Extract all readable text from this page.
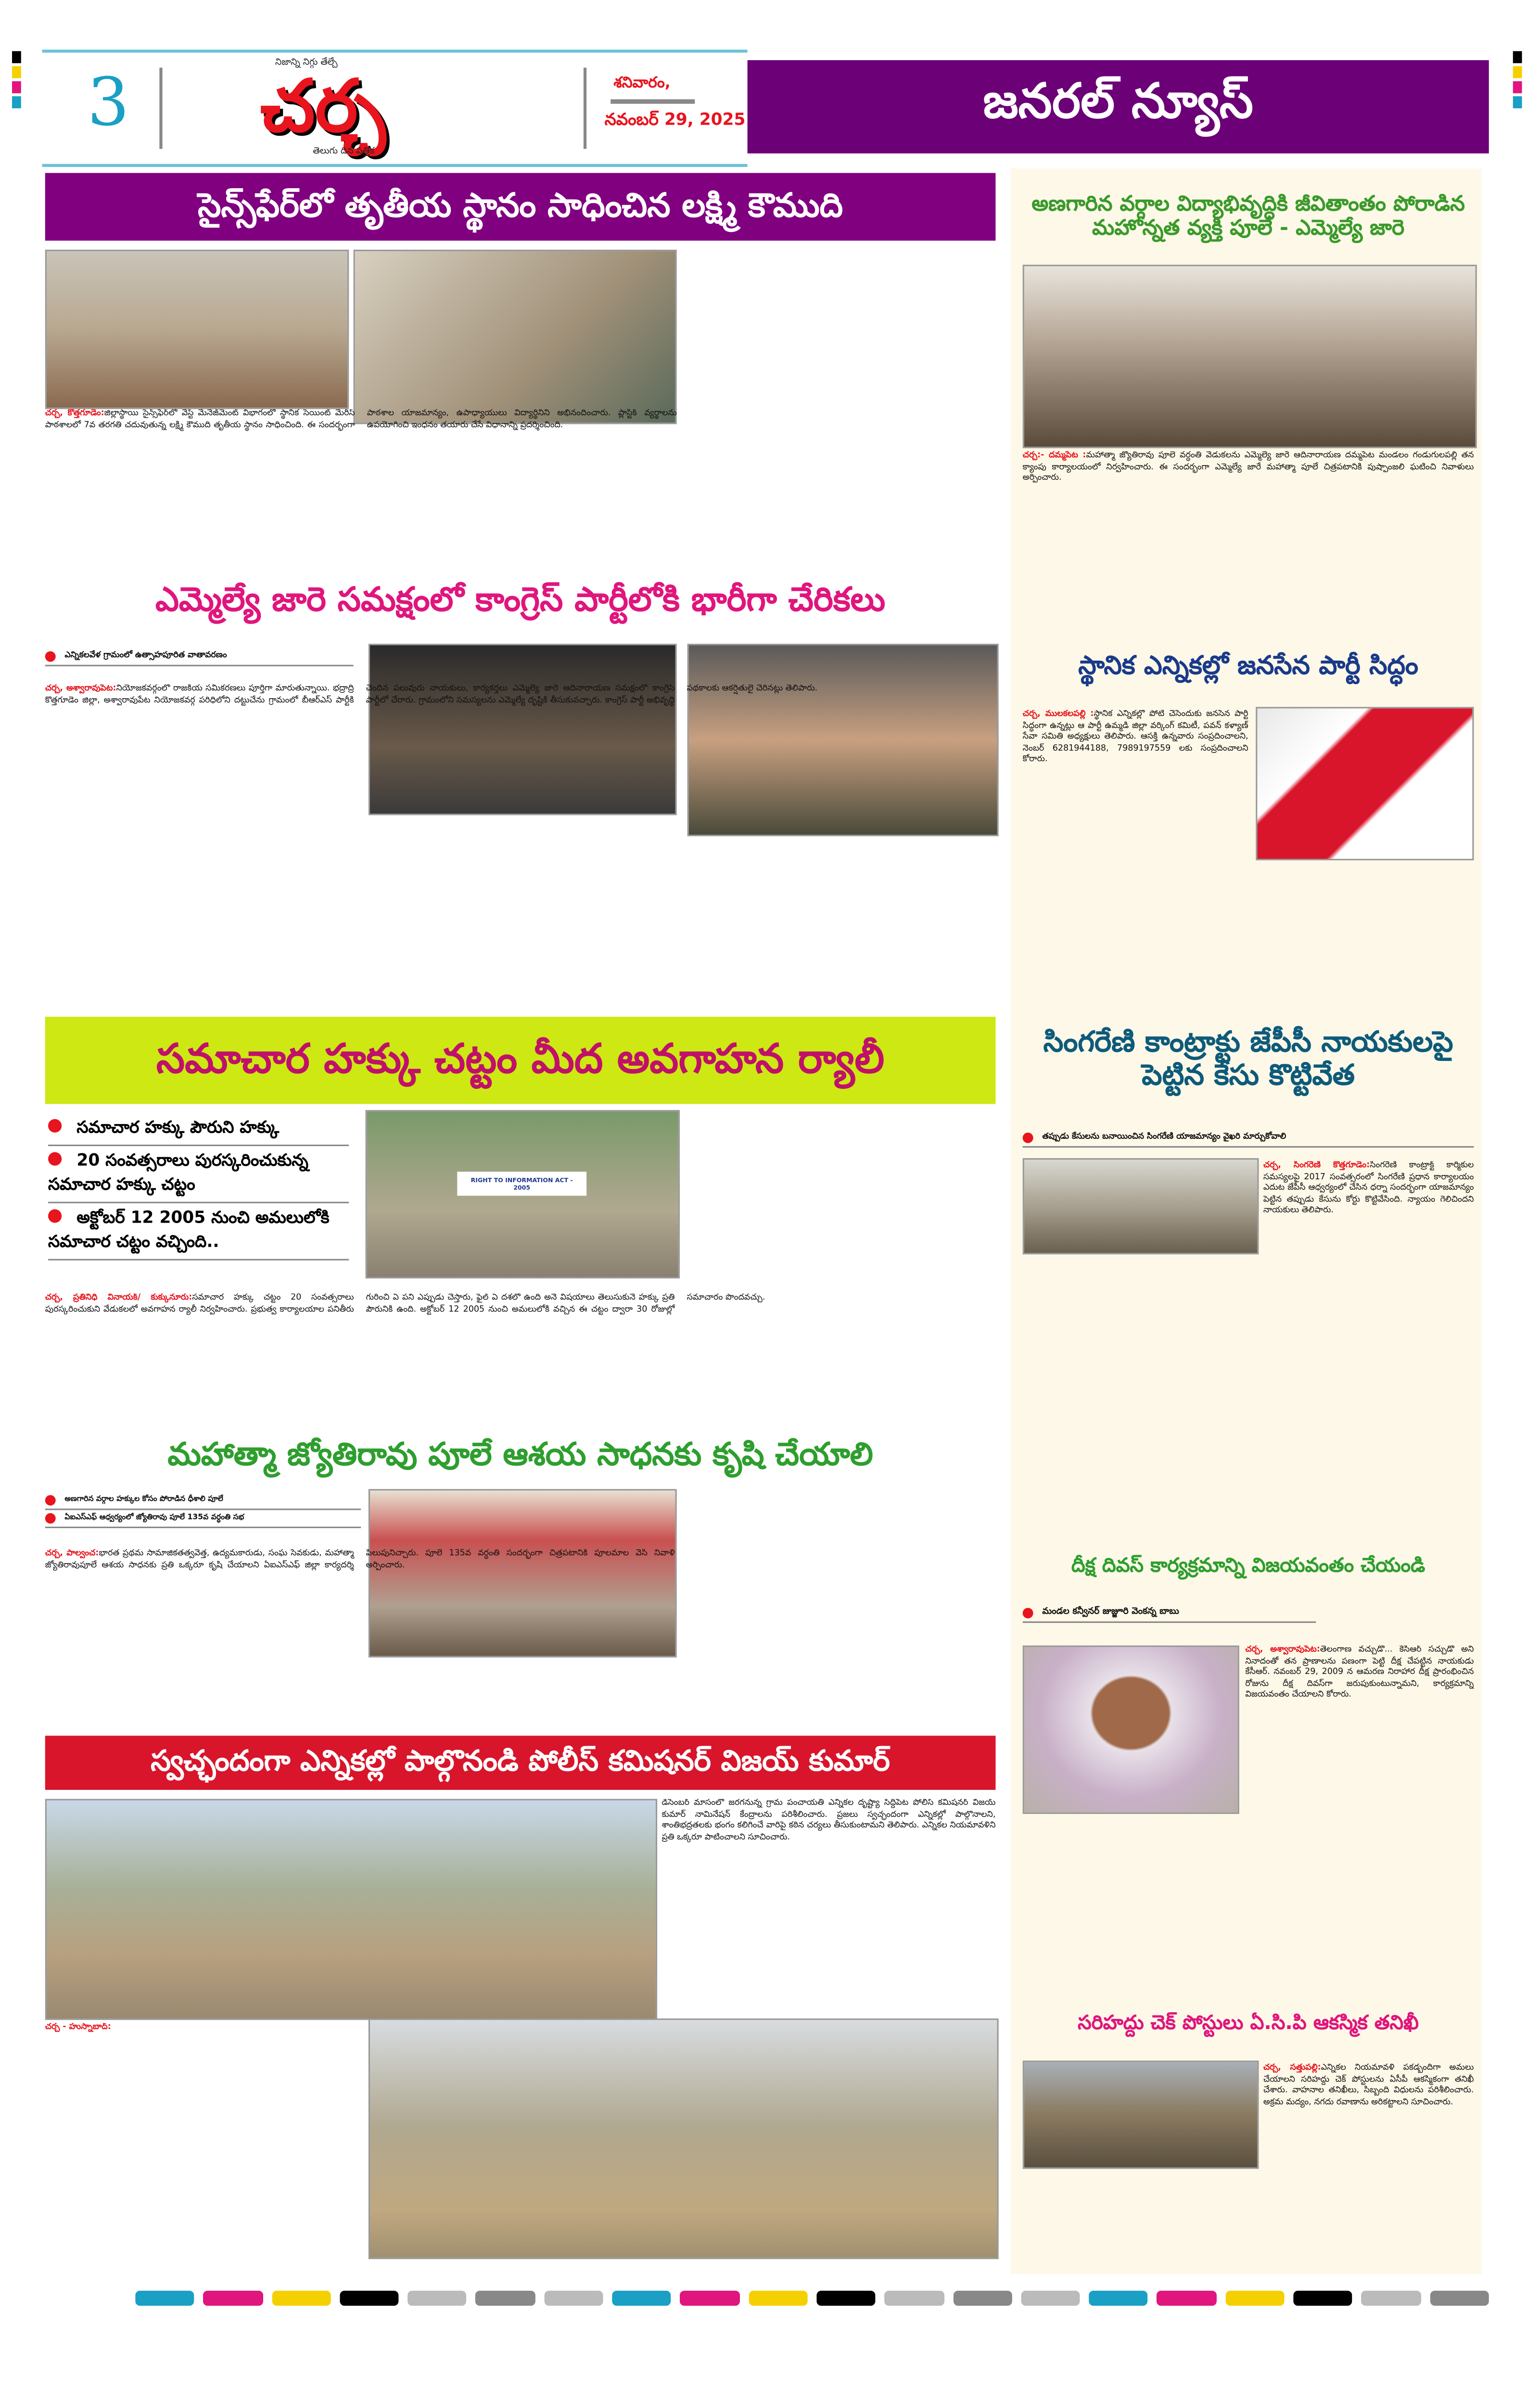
3
నిజాన్ని నిగ్గు తేల్చే
చర్చ
తెలుగు దిన పత్రిక
శనివారం,
నవంబర్ 29, 2025	జనరల్ న్యూస్
సైన్స్‌ఫేర్‌లో తృతీయ స్థానం సాధించిన లక్ష్మి కౌముది
చర్చ, కొత్తగూడెం:జిల్లాస్థాయి సైన్స్‌ఫేర్‌లో వేస్ట్ మేనేజ్‌మెంట్ విభాగంలో స్థానిక సెయింట్ మేరీస్ పాఠశాలలో 7వ తరగతి చదువుతున్న లక్ష్మి కౌముది తృతీయ స్థానం సాధించింది. ఈ సందర్భంగా పాఠశాల యాజమాన్యం, ఉపాధ్యాయులు విద్యార్థినిని అభినందించారు. ప్లాస్టిక్ వ్యర్థాలను ఉపయోగించి ఇంధనం తయారు చేసే విధానాన్ని ప్రదర్శించింది.
ఎమ్మెల్యే జారె సమక్షంలో కాంగ్రెస్ పార్టీలోకి భారీగా చేరికలు
ఎన్నికలవేళ గ్రామంలో ఉత్సాహపూరిత వాతావరణం
చర్చ, అశ్వారావుపేట:నియోజకవర్గంలో రాజకీయ సమీకరణలు పూర్తిగా మారుతున్నాయి. భద్రాద్రి కొత్తగూడెం జిల్లా, అశ్వారావుపేట నియోజకవర్గ పరిధిలోని దట్టుచేను గ్రామంలో బీఆర్ఎస్ పార్టీకి చెందిన పలువురు నాయకులు, కార్యకర్తలు ఎమ్మెల్యే జారె ఆదినారాయణ సమక్షంలో కాంగ్రెస్ పార్టీలో చేరారు. గ్రామంలోని సమస్యలను ఎమ్మెల్యే దృష్టికి తీసుకువచ్చారు. కాంగ్రెస్ పార్టీ అభివృద్ధి పథకాలకు ఆకర్షితులై చేరినట్లు తెలిపారు.
సమాచార హక్కు చట్టం మీద అవగాహన ర్యాలీ
సమాచార హక్కు పౌరుని హక్కు
20 సంవత్సరాలు పురస్కరించుకున్న సమాచార హక్కు చట్టం
అక్టోబర్ 12 2005 నుంచి అమలులోకి సమాచార చట్టం వచ్చింది..
RIGHT TO INFORMATION ACT - 2005
చర్చ, ప్రతినిధి వినాయక్/ కుక్కునూరు:సమాచార హక్కు చట్టం 20 సంవత్సరాలు పురస్కరించుకుని వేడుకలలో అవగాహన ర్యాలీ నిర్వహించారు. ప్రభుత్వ కార్యాలయాల పనితీరు గురించి ఏ పని ఎప్పుడు చేస్తారు, ఫైల్ ఏ దశలో ఉంది అనే విషయాలు తెలుసుకునే హక్కు ప్రతి పౌరునికి ఉంది. అక్టోబర్ 12 2005 నుంచి అమలులోకి వచ్చిన ఈ చట్టం ద్వారా 30 రోజుల్లో సమాచారం పొందవచ్చు.
మహాత్మా జ్యోతిరావు పూలే ఆశయ సాధనకు కృషి చేయాలి
అణగారిన వర్గాల హక్కుల కోసం పోరాడిన ధీశాలి పూలే
ఏఐఎస్ఎఫ్ ఆధ్వర్యంలో జ్యోతిరావు పూలే 135వ వర్ధంతి సభ
చర్చ, పాల్వంచ:భారత ప్రథమ సామాజికతత్వవేత్త, ఉద్యమకారుడు, సంఘ సేవకుడు, మహాత్మా జ్యోతిరావుపూలే ఆశయ సాధనకు ప్రతి ఒక్కరూ కృషి చేయాలని ఏఐఎస్ఎఫ్ జిల్లా కార్యదర్శి పిలుపునిచ్చారు. పూలే 135వ వర్ధంతి సందర్భంగా చిత్రపటానికి పూలమాల వేసి నివాళి అర్పించారు.
స్వచ్ఛందంగా ఎన్నికల్లో పాల్గొనండి పోలీస్ కమిషనర్ విజయ్ కుమార్
డిసెంబర్ మాసంలో జరగనున్న గ్రామ పంచాయతీ ఎన్నికల దృష్ట్యా సిద్దిపేట పోలీస్ కమిషనర్ విజయ్ కుమార్ నామినేషన్ కేంద్రాలను పరిశీలించారు. ప్రజలు స్వచ్ఛందంగా ఎన్నికల్లో పాల్గొనాలని, శాంతిభద్రతలకు భంగం కలిగించే వారిపై కఠిన చర్యలు తీసుకుంటామని తెలిపారు. ఎన్నికల నియమావళిని ప్రతి ఒక్కరూ పాటించాలని సూచించారు.
చర్చ - హుస్నాబాద్:
అణగారిన వర్గాల విద్యాభివృద్ధికి జీవితాంతం పోరాడిన మహోన్నత వ్యక్తి పూలే - ఎమ్మెల్యే జారె
చర్చ:- దమ్మపేట :మహాత్మా జ్యోతిరావు పూలె వర్ధంతి వేడుకలను ఎమ్మెల్యే జారే ఆదినారాయణ దమ్మపేట మండలం గండుగులపల్లి తన క్యాంపు కార్యాలయంలో నిర్వహించారు. ఈ సందర్భంగా ఎమ్మెల్యే జారే మహాత్మా పూలే చిత్రపటానికి పుష్పాంజలి ఘటించి నివాళులు అర్పించారు.
స్థానిక ఎన్నికల్లో జనసేన పార్టీ సిద్ధం
చర్చ, ములకలపల్లి :స్థానిక ఎన్నికల్లో పోటీ చేసేందుకు జనసేన పార్టీ సిద్ధంగా ఉన్నట్లు ఆ పార్టీ ఉమ్మడి జిల్లా వర్కింగ్ కమిటీ, పవన్ కళ్యాణ్ సేవా సమితి అధ్యక్షులు తెలిపారు. ఆసక్తి ఉన్నవారు సంప్రదించాలని, నెంబర్ 6281944188, 7989197559 లకు సంప్రదించాలని కోరారు.
సింగరేణి కాంట్రాక్టు జేపీసీ నాయకులపై పెట్టిన కేసు కొట్టివేత
తప్పుడు కేసులను బనాయించిన సింగరేణి యాజమాన్యం వైఖరి మార్చుకోవాలి
చర్చ, సింగరేణి కొత్తగూడెం:సింగరేణి కాంట్రాక్ట్ కార్మికుల సమస్యలపై 2017 సంవత్సరంలో సింగరేణి ప్రధాన కార్యాలయం ఎదుట జేపీసీ ఆధ్వర్యంలో చేసిన ధర్నా సందర్భంగా యాజమాన్యం పెట్టిన తప్పుడు కేసును కోర్టు కొట్టివేసింది. న్యాయం గెలిచిందని నాయకులు తెలిపారు.
దీక్ష దివస్ కార్యక్రమాన్ని విజయవంతం చేయండి
మండల కన్వీనర్ జుజ్జూరి వెంకన్న బాబు
చర్చ, అశ్వారావుపేట:తెలంగాణ వచ్చుడో... కేసీఆర్ సచ్చుడో అని నినాదంతో తన ప్రాణాలను పణంగా పెట్టి దీక్ష చేపట్టిన నాయకుడు కేసీఆర్. నవంబర్ 29, 2009 న ఆమరణ నిరాహార దీక్ష ప్రారంభించిన రోజును దీక్ష దివస్‌గా జరుపుకుంటున్నామని, కార్యక్రమాన్ని విజయవంతం చేయాలని కోరారు.
సరిహద్దు చెక్ పోస్టులు ఏ.సి.పి ఆకస్మిక తనిఖీ
చర్చ, సత్తుపల్లి:ఎన్నికల నియమావళి పకడ్బందీగా అమలు చేయాలని సరిహద్దు చెక్ పోస్టులను ఏసీపీ ఆకస్మికంగా తనిఖీ చేశారు. వాహనాల తనిఖీలు, సిబ్బంది విధులను పరిశీలించారు. అక్రమ మద్యం, నగదు రవాణాను అరికట్టాలని సూచించారు.
